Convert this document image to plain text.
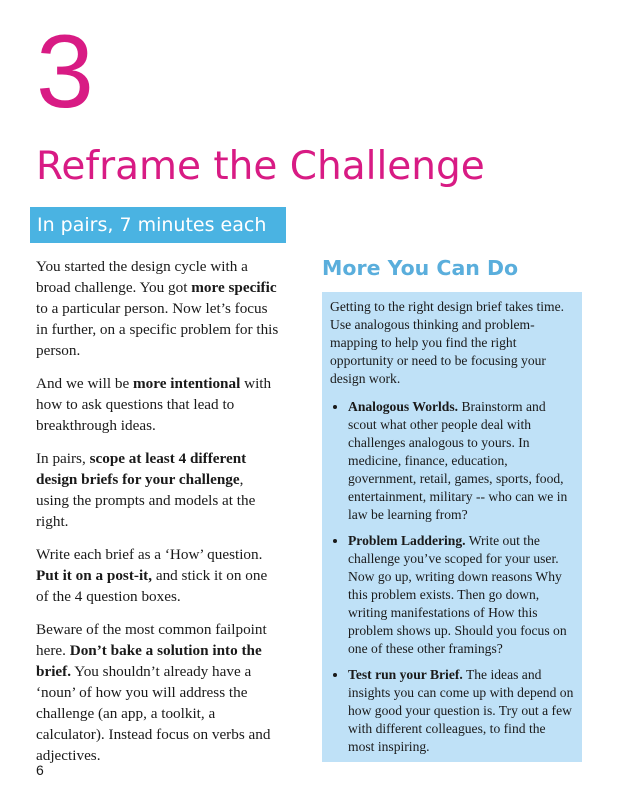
3
Reframe the Challenge
In pairs, 7 minutes each

You started the design cycle with a broad challenge. You got more specific to a particular person. Now let’s focus in further, on a specific problem for this person.

And we will be more intentional with how to ask questions that lead to breakthrough ideas.

In pairs, scope at least 4 different design briefs for your challenge, using the prompts and models at the right.

Write each brief as a ‘How’ question. Put it on a post-it, and stick it on one of the 4 question boxes.

Beware of the most common failpoint here. Don’t bake a solution into the brief. You shouldn’t already have a ‘noun’ of how you will address the challenge (an app, a toolkit, a calculator). Instead focus on verbs and adjectives.

More You Can Do

Getting to the right design brief takes time. Use analogous thinking and problem-mapping to help you find the right opportunity or need to be focusing your design work.

• Analogous Worlds. Brainstorm and scout what other people deal with challenges analogous to yours. In medicine, finance, education, government, retail, games, sports, food, entertainment, military -- who can we in law be learning from?
• Problem Laddering. Write out the challenge you’ve scoped for your user. Now go up, writing down reasons Why this problem exists. Then go down, writing manifestations of How this problem shows up. Should you focus on one of these other framings?
• Test run your Brief. The ideas and insights you can come up with depend on how good your question is. Try out a few with different colleagues, to find the most inspiring.
6
